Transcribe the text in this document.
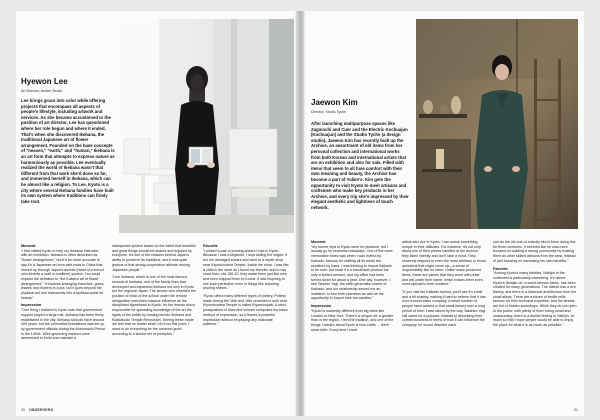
Hyewon Lee

Art Director, Anderl Studio

Lee brings grace into color while offering projects that encompass all aspects of people's lifestyle, including artwork and services. As she became accustomed to the position of art director, Lee has questioned where her role begun and where it ended. That's when she discovered Ikebana, the traditional Japanese art of flower arrangement. Founded on the base concepts of "heaven," "earth," and "human," Ikebana is an art form that attempts to express nature as harmoniously as possible. Lee eventually realized the world of Ikebana wasn't that different from that work she'd done so far, and immersed herself in Ikebana, which can be almost like a religion. To Lee, Kyoto is a city where several Ikebana families have built its own system where traditions can firmly take root.

Moment

"I first visited Kyoto to help my Ikebana instructor with an exhibition. Ikebana is often described as "flower arrangement," but it'd be more accurate to say it's a Japanese art form with roots in China that moved up through Japan's ascetic (head of a school who inherits a craft or tradition) system. You could expand the definition to "the Eastern art of flower arrangement." It involves arranging branches, grass, leaves, and flowers in a pot, but it goes beyond the physical act and transcends into a spiritual quest for beauty."

Impression

"One thing I realized in Kyoto was that government support played a large role. Ikebana has been firmly established in the city. Ikebana schools have around 400 years, but the primordial foundations was set up by government officials during the Muromachi Period in the 1400s. Wise governing warriors were determined to build and maintain a

widespread system based on the belief that beautiful and great things should be shared and enjoyed by everyone. It's one of the reasons behind Japan's ability to preserve its traditions, and it was quite jealous of that strong cooperative attitude among Japanese people."

"Line Ikebana, which is one of the most famous schools of Ikebana, one of the family lines that developed and expanded Ikebana not only in Kyoto but the regional Japan. The lemoto who inherited the position of head of the school under the lemoto designation exercises massive influence as the disciplined figurehead in Kyoto. It's the lemoto who's responsible for spreading knowledge of the art the rights of the public by hosting lemoto Ikebana and Rokkakudo Temple Rennoshin. Seeing these made me feel that no matter what I do from this point, I need to do everything for the common good according to a similar set of principles."

Favorite

"I picked a pair of pruning shears I had in Kyoto. Because I was a beginner, I kept dulling the edges. It led me damaged shears and went to a repair shop near Kiyomizudera Temple. Inside the shop, I was like a child in the store as I found my favorite, and to use since then: old 150-10, they made them just like new and even shipped them to Korea. It was inspiring to see such perfection even in things like repairing pruning shears."

"Kyoto offers many different types of pottery. Pottery made during the 16th and 18th centuries is sold near Kiyomizudera Temple is called Kiyomizuyaki. A strict juxtaposition of lines and volume composes the basic method of expression, so it leaves a powerful impression without employing any elaborate patterns."

20 OBSERVERS
Jaewon Kim

Director, Studio Tyche

After launching multipurpose spaces like Zagmochi and Cuer and the Electric Kochuajun (Kochuajun) and the Studio Tyche (a design studio), Jaewon Kim has recently built up the Archive, an assortment of old items from her personal collection and international works from both Korean and international artists that are on exhibition and also for sale. Filled with items that seem to all fuse comfort with their own meaning and beauty, the Archive has become a part of Yulien's. Kim gets the opportunity to visit Kyoto to meet artisans and craftsmen who make key products in her Archive, and every trip she's impressed by their elegant aesthetic and lightness of touch network.

Moment

"My former trips to Kyoto were for pleasure, but I usually go for business nowadays. One of the more memorable times was when I was invited by Kaikado, famous for crafting all its metal tea canisters by hand. I was thinking to import Kaikado to be sure, but since it's a handmade product the only a limited amount, and my office had been turned down for about a year. One day, however, I see Tshuhio Yagi, the sixth-generation owner of Kaikado, and our relationship served me an invitation. In four their premises as well as the opportunity to import their tea caddies."

Impression

"Kyoto is markedly different from big cities like London or New York. There's a unique air: a greater than in the region. I feel the tradition, and one of the things I admire about Kyoto is how crafts ... them since birth. Every time I meet

artists who live in Kyoto, I can sense something unique in their attitudes. For instance, it's not only about one of their pieces handled at the Archive; they listen intently and don't take a mind. They sincerely respond to even the most arbitrary or trivial questions that might come up—a sense of responsibility like no other. Unlike mass-produced items, these are pieces that they wove with pride and will under their name, which makes them even more special to their creators."

"If you visit the Kaikado factory, you'll see it's small and a bit shabby, making it hard to believe that it has over a world-class company. A small number of people have worked in that small factory over a long period of time. I was struck by the way Takahiro Yagi still cared for a purpose, instead of describing their current business in terms of how it can influence the company, he would describe each

one as the nth sub of a family who's been doing this for three centuries. It seemed like he was more focused on building a strong community by treating them as other skilled artisans from the area, instead of just focusing on increasing his own benefits."

Favorite

"Among Kyoto's many districts, Nishijin in the northwest is particularly interesting. It's where Kyoto's Nishijin-ori, a world-famous fabric, has been created for many generations. The district has a rich history, and there is a historical architecture from the small alleys. There are a dozen of textile mills famous for their technical expertise, and the streets are full of hidden workshops. While they do not open to the public, with plenty of them being small and unassuming, there is a district feeling to Nishijin, so much so that I hope people would be able to enjoy the place for what it is as much as possible."

21
